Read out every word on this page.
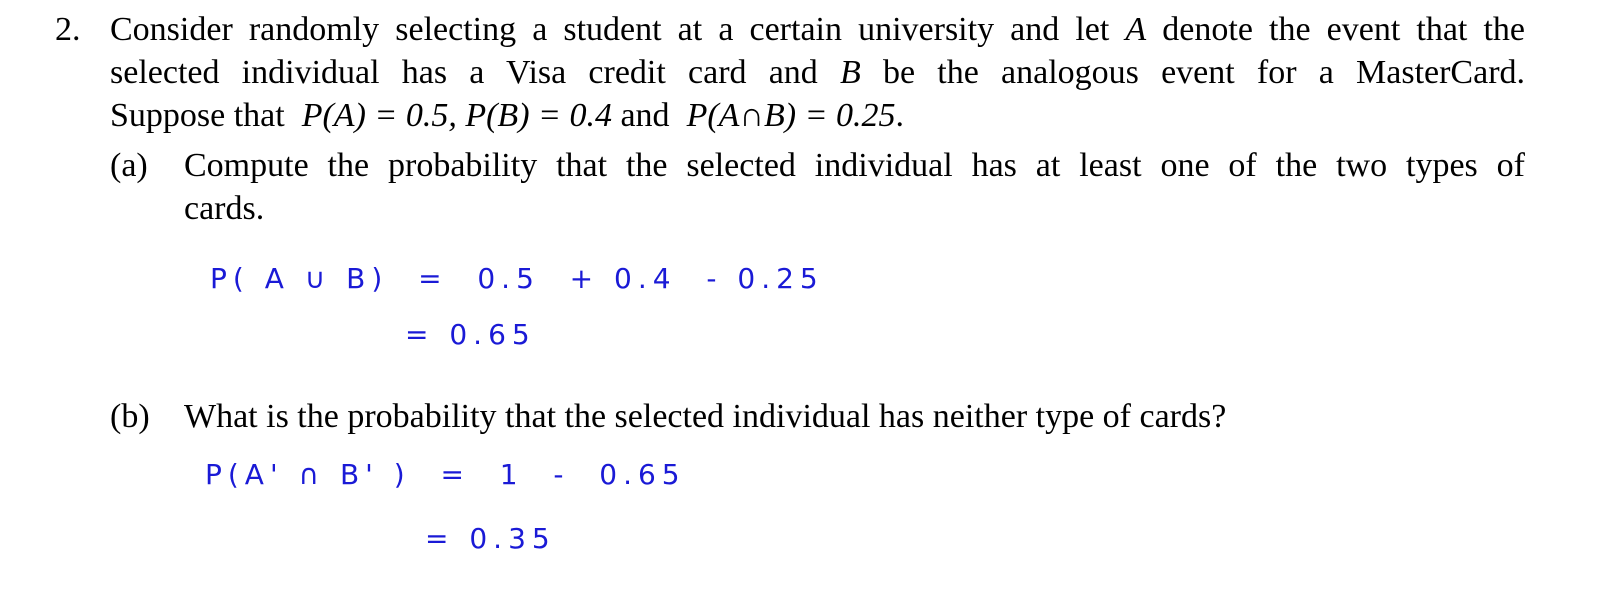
2. Consider randomly selecting a student at a certain university and let A denote the event that the
selected individual has a Visa credit card and B be the analogous event for a MasterCard.
Suppose that P(A) = 0.5, P(B) = 0.4 and P(A∩B) = 0.25.
(a) Compute the probability that the selected individual has at least one of the two types of
cards.
P( A ∪ B)  =  0.5  + 0.4  - 0.25
= 0.65
(b) What is the probability that the selected individual has neither type of cards?
P(A' ∩ B' )  =  1  -  0.65
= 0.35
